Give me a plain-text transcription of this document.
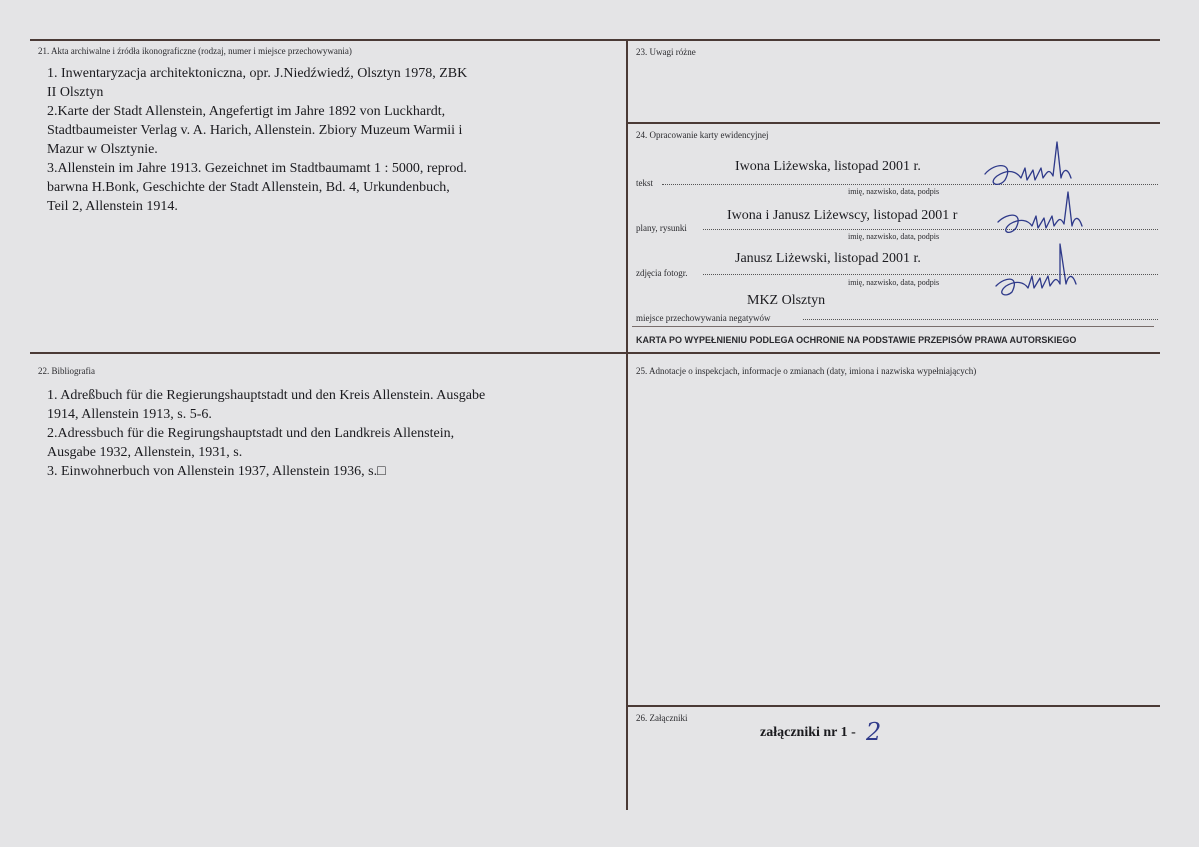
21. Akta archiwalne i źródła ikonograficzne (rodzaj, numer i miejsce przechowywania)
1. Inwentaryzacja architektoniczna, opr. J.Niedźwiedź, Olsztyn 1978, ZBK
II Olsztyn
2.Karte der Stadt Allenstein, Angefertigt im Jahre 1892 von Luckhardt,
Stadtbaumeister Verlag v. A. Harich, Allenstein. Zbiory Muzeum Warmii i
Mazur w Olsztynie.
3.Allenstein im Jahre 1913. Gezeichnet im Stadtbaumamt 1 : 5000, reprod.
barwna H.Bonk, Geschichte der Stadt Allenstein, Bd. 4, Urkundenbuch,
Teil 2, Allenstein 1914.
22. Bibliografia
1. Adreßbuch für die Regierungshauptstadt und den Kreis Allenstein. Ausgabe
1914, Allenstein 1913, s. 5-6.
2.Adressbuch für die Regirungshauptstadt und den Landkreis Allenstein,
Ausgabe 1932, Allenstein, 1931, s.
3. Einwohnerbuch von Allenstein 1937, Allenstein 1936, s.□
23. Uwagi różne
24. Opracowanie karty ewidencyjnej
Iwona Liżewska, listopad 2001 r.
tekst
imię, nazwisko, data, podpis
Iwona i Janusz Liżewscy, listopad 2001 r
plany, rysunki
imię, nazwisko, data, podpis
Janusz Liżewski, listopad 2001 r.
zdjęcia fotogr.
imię, nazwisko, data, podpis
MKZ Olsztyn
miejsce przechowywania negatywów
KARTA PO WYPEŁNIENIU PODLEGA OCHRONIE NA PODSTAWIE PRZEPISÓW PRAWA AUTORSKIEGO
25. Adnotacje o inspekcjach, informacje o zmianach (daty, imiona i nazwiska wypełniających)
26. Załączniki
załączniki nr 1 - 2
